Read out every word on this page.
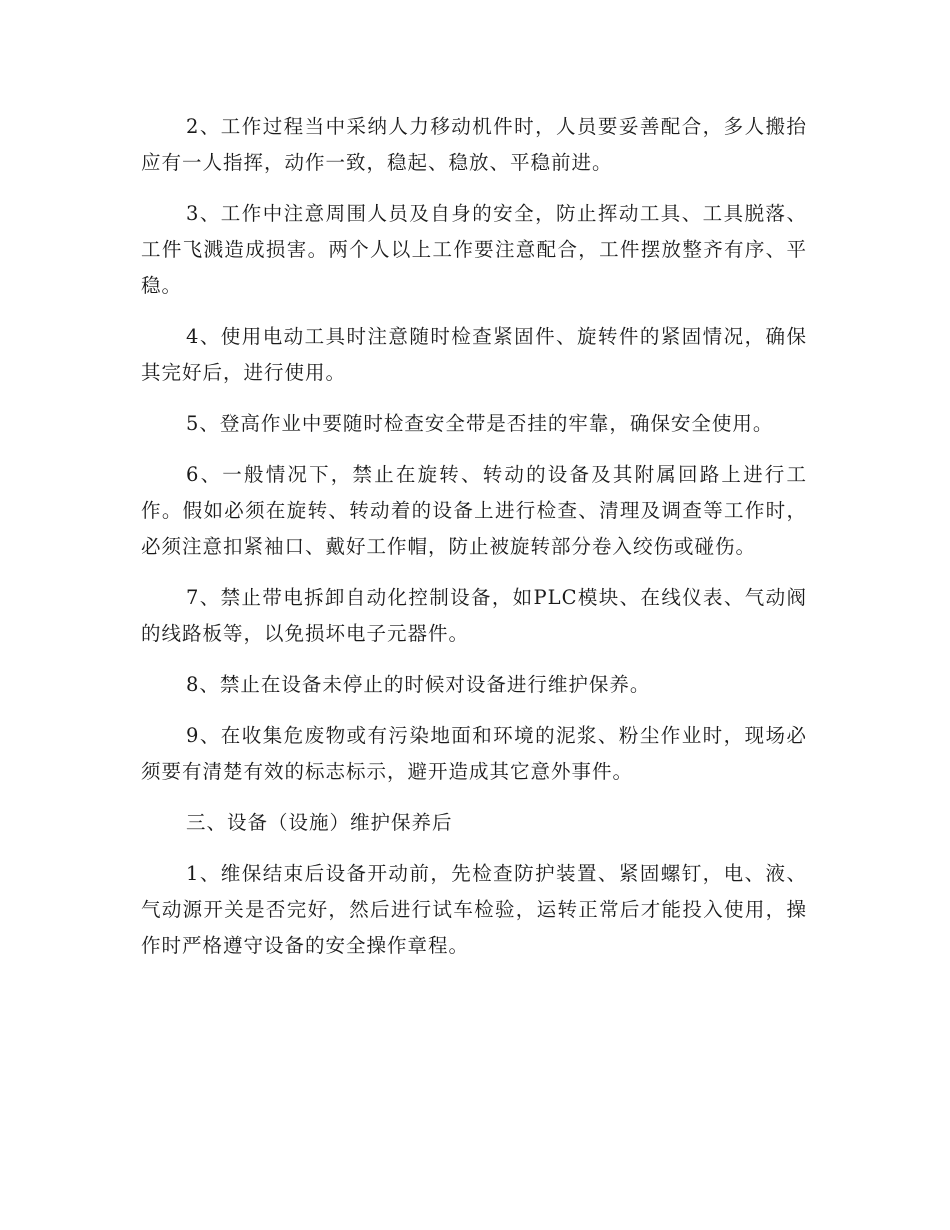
2、工作过程当中采纳人力移动机件时，人员要妥善配合，多人搬抬应有一人指挥，动作一致，稳起、稳放、平稳前进。

3、工作中注意周围人员及自身的安全，防止挥动工具、工具脱落、工件飞溅造成损害。两个人以上工作要注意配合，工件摆放整齐有序、平稳。

4、使用电动工具时注意随时检查紧固件、旋转件的紧固情况，确保其完好后，进行使用。

5、登高作业中要随时检查安全带是否挂的牢靠，确保安全使用。

6、一般情况下，禁止在旋转、转动的设备及其附属回路上进行工作。假如必须在旋转、转动着的设备上进行检查、清理及调查等工作时，必须注意扣紧袖口、戴好工作帽，防止被旋转部分卷入绞伤或碰伤。

7、禁止带电拆卸自动化控制设备，如PLC模块、在线仪表、气动阀的线路板等，以免损坏电子元器件。

8、禁止在设备未停止的时候对设备进行维护保养。

9、在收集危废物或有污染地面和环境的泥浆、粉尘作业时，现场必须要有清楚有效的标志标示，避开造成其它意外事件。

三、设备（设施）维护保养后

1、维保结束后设备开动前，先检查防护装置、紧固螺钉，电、液、气动源开关是否完好，然后进行试车检验，运转正常后才能投入使用，操作时严格遵守设备的安全操作章程。
